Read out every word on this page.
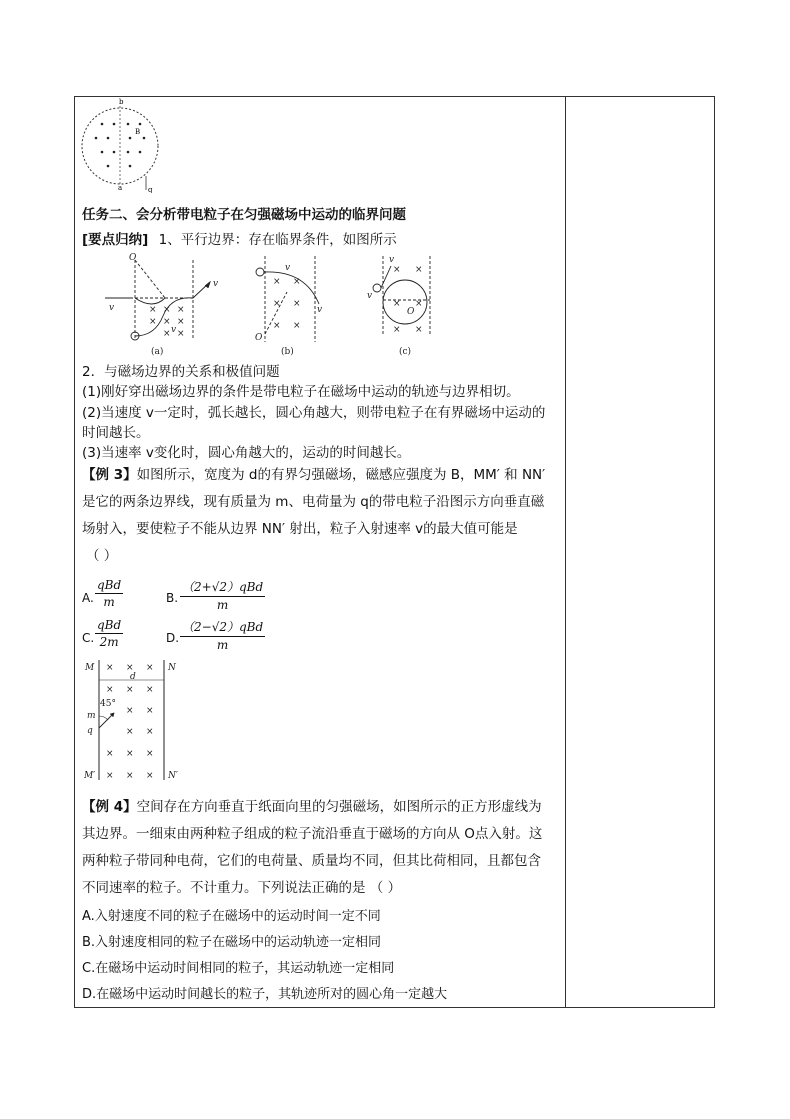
b
B
a	q
任务二、会分析带电粒子在匀强磁场中运动的临界问题
[要点归纳] 1、平行边界：存在临界条件，如图所示
O
v
v
v
× × ×
× × ×
× ×
(a)
v
v
O
× ×
× ×
× ×
(b)
v
v
O
× ×
× ×
× ×
(c)
2．与磁场边界的关系和极值问题
(1)刚好穿出磁场边界的条件是带电粒子在磁场中运动的轨迹与边界相切。
(2)当速度 v一定时，弧长越长，圆心角越大，则带电粒子在有界磁场中运动的
时间越长。
(3)当速率 v变化时，圆心角越大的，运动的时间越长。
【例 3】如图所示，宽度为 d的有界匀强磁场，磁感应强度为 B，MM′ 和 NN′
是它的两条边界线，现有质量为 m、电荷量为 q的带电粒子沿图示方向垂直磁
场射入，要使粒子不能从边界 NN′ 射出，粒子入射速率 v的最大值可能是
（ ）
A.
qBd
m	B.
（2+√2）qBd
m
C.
qBd
2m	D.
（2−√2）qBd
m
M	N
M′	N′
d
45°
m
q
× × ×
× × ×
× ×
× ×
× × ×
× × ×
【例 4】空间存在方向垂直于纸面向里的匀强磁场，如图所示的正方形虚线为
其边界。一细束由两种粒子组成的粒子流沿垂直于磁场的方向从 O点入射。这
两种粒子带同种电荷，它们的电荷量、质量均不同，但其比荷相同，且都包含
不同速率的粒子。不计重力。下列说法正确的是 （ ）
A.入射速度不同的粒子在磁场中的运动时间一定不同
B.入射速度相同的粒子在磁场中的运动轨迹一定相同
C.在磁场中运动时间相同的粒子，其运动轨迹一定相同
D.在磁场中运动时间越长的粒子，其轨迹所对的圆心角一定越大
